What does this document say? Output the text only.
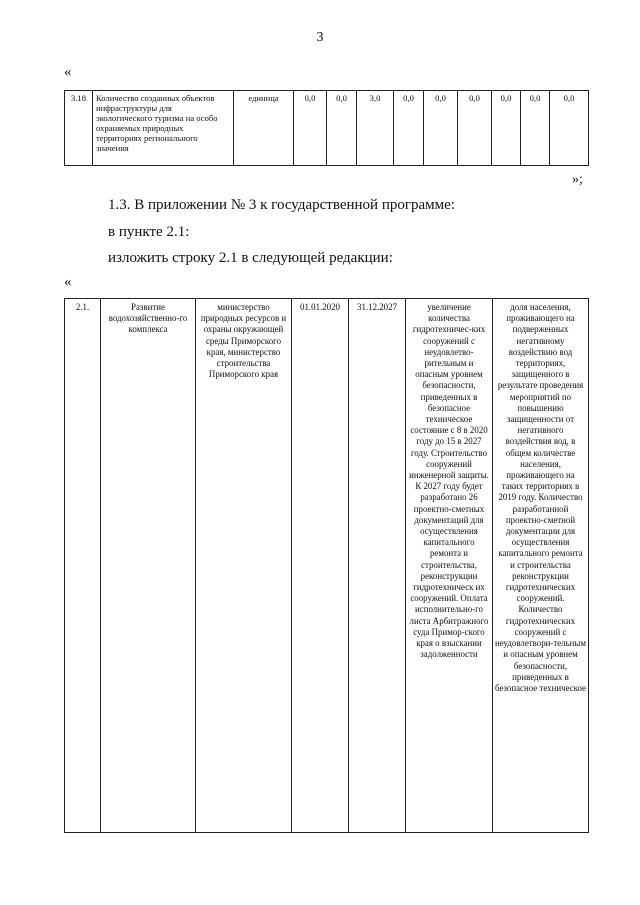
3
«
3.18	Количество созданных объектов инфраструктуры для экологического туризма на особо охраняемых природных территориях регионального значения	единица	0,0	0,0	3,0	0,0	0,0	0,0	0,0	0,0	0,0
»;
1.3. В приложении № 3 к государственной программе:
в пункте 2.1:
изложить строку 2.1 в следующей редакции:
«
2.1.	Развитие водохозяйственно-го комплекса	министерство природных ресурсов и охраны окружающей среды Приморского края, министерство строительства Приморского края	01.01.2020	31.12.2027	увеличение количества гидротехничес-ких сооружений с неудовлетво-рительным и опасным уровнем безопасности, приведенных в безопасное техническое состояние с 8 в 2020 году до 15 в 2027 году. Строительство сооружений инженерной защиты. К 2027 году будет разработано 26 проектно-сметных документаций для осуществления капитального ремонта и строительства, реконструкции гидротехническ их сооружений. Оплата исполнительно-го листа Арбитражного суда Примор-ского края о взыскании задолженности	доля населения, проживающего на подверженных негативному воздействию вод территориях, защищенного в результате проведения мероприятий по повышению защищенности от негативного воздействия вод, в общем количестве населения, проживающего на таких территориях в 2019 году. Количество разработанной проектно-сметной документации для осуществления капитального ремонта и строительства реконструкции гидротехнических сооружений. Количество гидротехнических сооружений с неудовлетвори-тельным и опасным уровнем безопасности, приведенных в безопасное техническое
